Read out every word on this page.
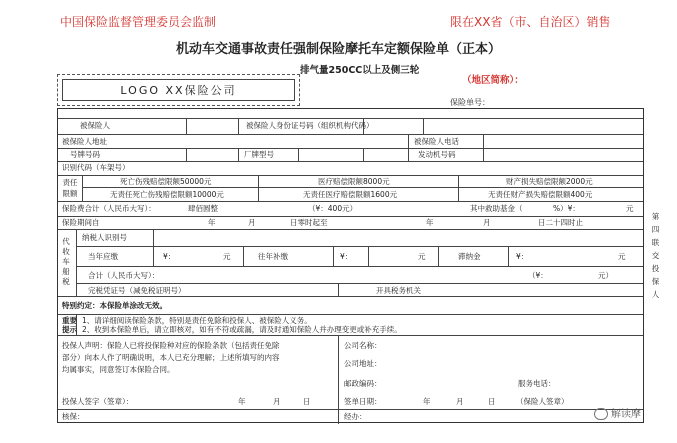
中国保险监督管理委员会监制	限在XX省（市、自治区）销售
机动车交通事故责任强制保险摩托车定额保险单（正本）
排气量250CC以上及侧三轮
（地区简称）：
LOGO XX保险公司
保险单号：
被保险人	被保险人身份证号码（组织机构代码）
被保险人地址	被保险人电话
号牌号码	厂牌型号	发动机号码
识别代码（车架号）
责任限额
死亡伤残赔偿限额50000元	医疗赔偿限额8000元	财产损失赔偿限额2000元
无责任死亡伤残赔偿限额10000元	无责任医疗赔偿限额1600元	无责任财产损失赔偿限额400元
保险费合计（人民币大写）：	肆佰圆整	（¥：400元）	其中救助基金（	%）¥：	元
保险期间自	年	月	日零时起至	年	月	日二十四时止
代收车船税
纳税人识别号
当年应缴	¥：	元	往年补缴	¥：	元	滞纳金	¥：	元
合计（人民币大写）：	（¥：	元）
完税凭证号（减免税证明号）	开具税务机关
特别约定：本保险单涂改无效。
重要
提示
1、请详细阅读保险条款，特别是责任免除和投保人、被保险人义务。
2、收到本保险单后，请立即核对，如有不符或疏漏，请及时通知保险人并办理变更或补充手续。
投保人声明：保险人已将投保险种对应的保险条款（包括责任免除
部分）向本人作了明确说明，本人已充分理解；上述所填写的内容
均属事实，同意签订本保险合同。
投保人签字（签章）：	年	月	日
公司名称：
公司地址：
邮政编码：	服务电话：
签单日期：	年	月	日	（保险人签章）
核保：	经办：
第四联交投保人
解读摩
